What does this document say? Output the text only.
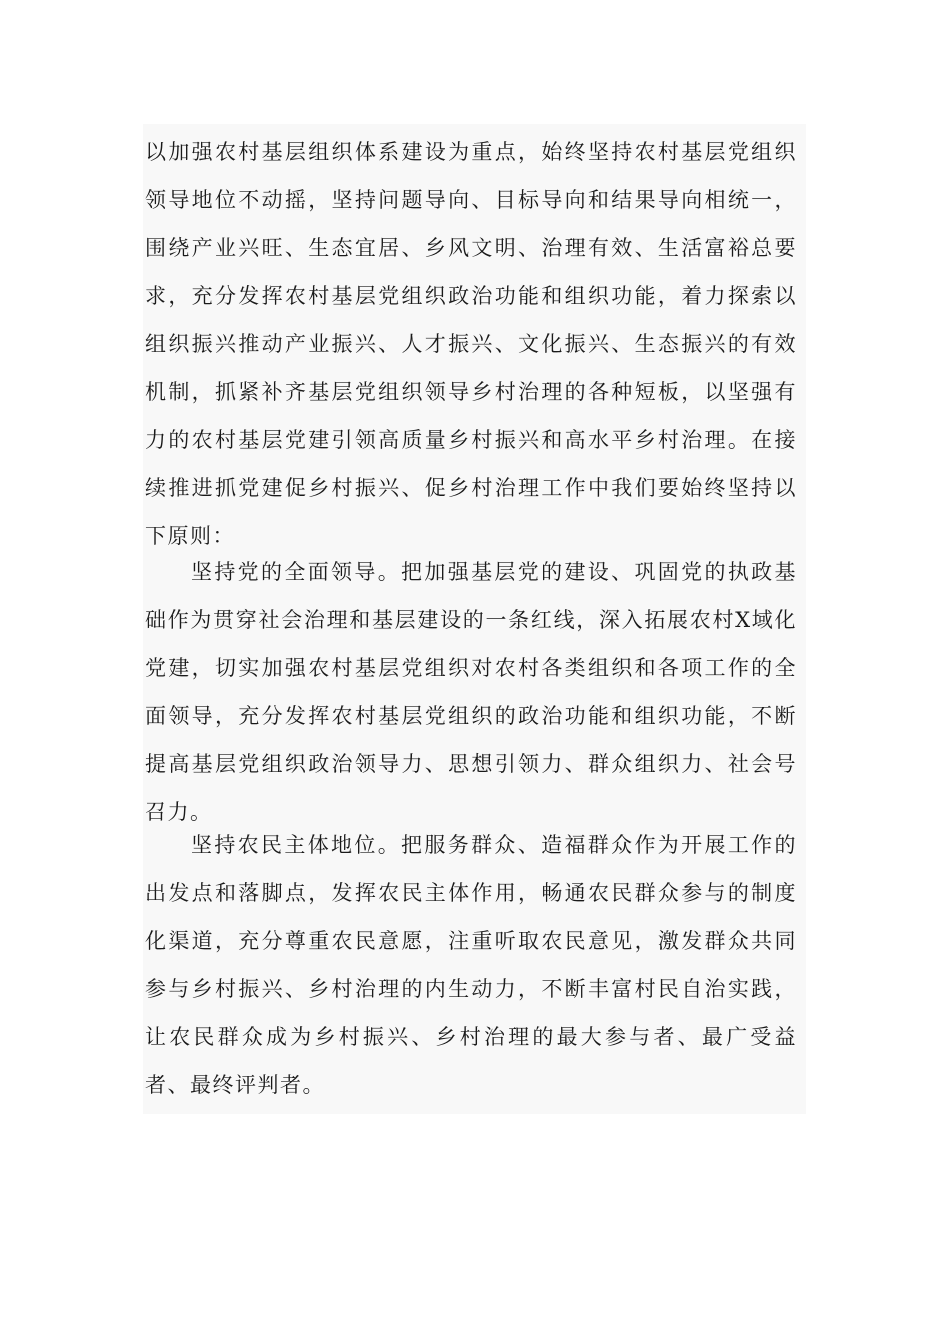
以加强农村基层组织体系建设为重点，始终坚持农村基层党组织领导地位不动摇，坚持问题导向、目标导向和结果导向相统一，围绕产业兴旺、生态宜居、乡风文明、治理有效、生活富裕总要求，充分发挥农村基层党组织政治功能和组织功能，着力探索以组织振兴推动产业振兴、人才振兴、文化振兴、生态振兴的有效机制，抓紧补齐基层党组织领导乡村治理的各种短板，以坚强有力的农村基层党建引领高质量乡村振兴和高水平乡村治理。在接续推进抓党建促乡村振兴、促乡村治理工作中我们要始终坚持以下原则：

坚持党的全面领导。把加强基层党的建设、巩固党的执政基础作为贯穿社会治理和基层建设的一条红线，深入拓展农村X域化党建，切实加强农村基层党组织对农村各类组织和各项工作的全面领导，充分发挥农村基层党组织的政治功能和组织功能，不断提高基层党组织政治领导力、思想引领力、群众组织力、社会号召力。

坚持农民主体地位。把服务群众、造福群众作为开展工作的出发点和落脚点，发挥农民主体作用，畅通农民群众参与的制度化渠道，充分尊重农民意愿，注重听取农民意见，激发群众共同参与乡村振兴、乡村治理的内生动力，不断丰富村民自治实践，让农民群众成为乡村振兴、乡村治理的最大参与者、最广受益者、最终评判者。
